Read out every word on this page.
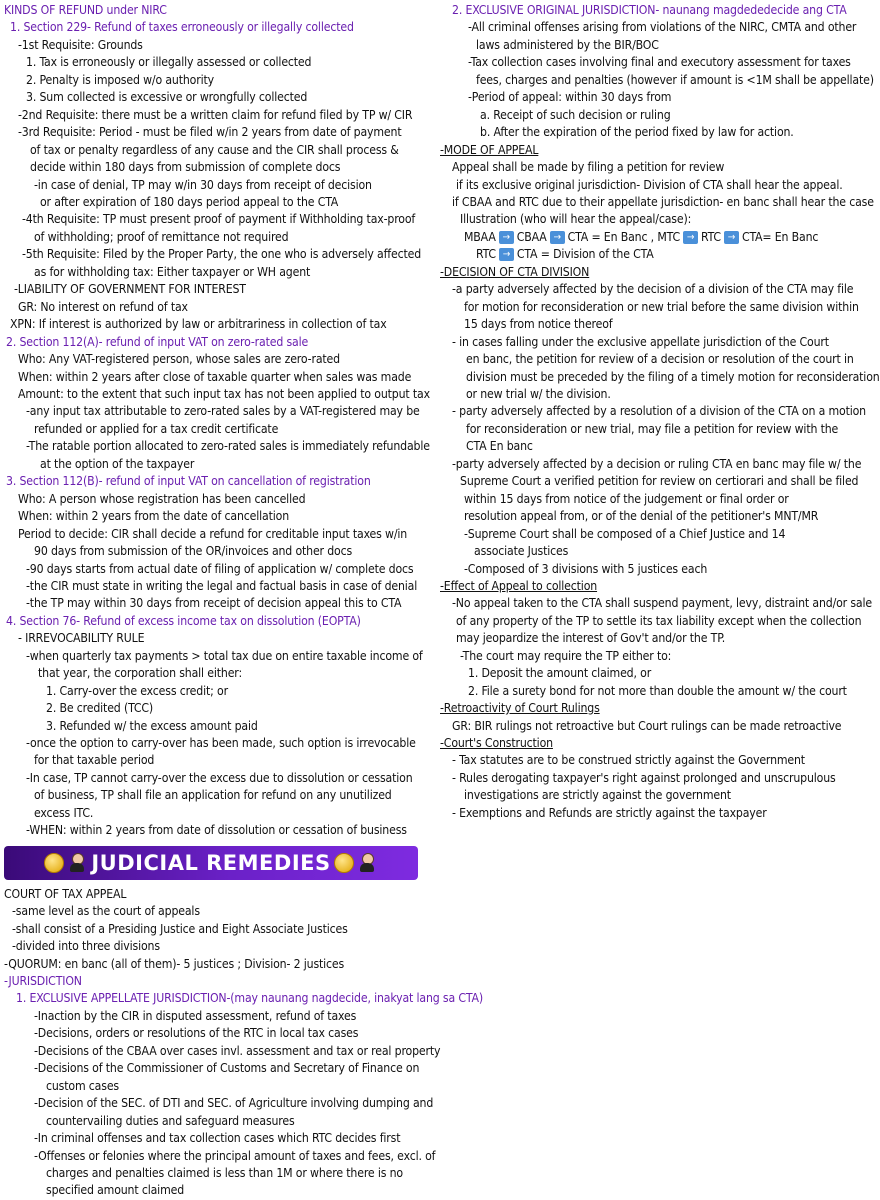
KINDS OF REFUND under NIRC
1. Section 229- Refund of taxes erroneously or illegally collected
-1st Requisite: Grounds
1. Tax is erroneously or illegally assessed or collected
2. Penalty is imposed w/o authority
3. Sum collected is excessive or wrongfully collected
-2nd Requisite: there must be a written claim for refund filed by TP w/ CIR
-3rd Requisite: Period - must be filed w/in 2 years from date of payment
of tax or penalty regardless of any cause and the CIR shall process &
decide within 180 days from submission of complete docs
-in case of denial, TP may w/in 30 days from receipt of decision
or after expiration of 180 days period appeal to the CTA
-4th Requisite: TP must present proof of payment if Withholding tax-proof
of withholding; proof of remittance not required
-5th Requisite: Filed by the Proper Party, the one who is adversely affected
as for withholding tax: Either taxpayer or WH agent
-LIABILITY OF GOVERNMENT FOR INTEREST
GR: No interest on refund of tax
XPN: If interest is authorized by law or arbitrariness in collection of tax
2. Section 112(A)- refund of input VAT on zero-rated sale
Who: Any VAT-registered person, whose sales are zero-rated
When: within 2 years after close of taxable quarter when sales was made
Amount: to the extent that such input tax has not been applied to output tax
-any input tax attributable to zero-rated sales by a VAT-registered may be
refunded or applied for a tax credit certificate
-The ratable portion allocated to zero-rated sales is immediately refundable
at the option of the taxpayer
3. Section 112(B)- refund of input VAT on cancellation of registration
Who: A person whose registration has been cancelled
When: within 2 years from the date of cancellation
Period to decide: CIR shall decide a refund for creditable input taxes w/in
90 days from submission of the OR/invoices and other docs
-90 days starts from actual date of filing of application w/ complete docs
-the CIR must state in writing the legal and factual basis in case of denial
-the TP may within 30 days from receipt of decision appeal this to CTA
4. Section 76- Refund of excess income tax on dissolution (EOPTA)
- IRREVOCABILITY RULE
-when quarterly tax payments > total tax due on entire taxable income of
that year, the corporation shall either:
1. Carry-over the excess credit; or
2. Be credited (TCC)
3. Refunded w/ the excess amount paid
-once the option to carry-over has been made, such option is irrevocable
for that taxable period
-In case, TP cannot carry-over the excess due to dissolution or cessation
of business, TP shall file an application for refund on any unutilized
excess ITC.
-WHEN: within 2 years from date of dissolution or cessation of business
JUDICIAL REMEDIES
COURT OF TAX APPEAL
-same level as the court of appeals
-shall consist of a Presiding Justice and Eight Associate Justices
-divided into three divisions
-QUORUM: en banc (all of them)- 5 justices ; Division- 2 justices
-JURISDICTION
1. EXCLUSIVE APPELLATE JURISDICTION-(may naunang nagdecide, inakyat lang sa CTA)
-Inaction by the CIR in disputed assessment, refund of taxes
-Decisions, orders or resolutions of the RTC in local tax cases
-Decisions of the CBAA over cases invl. assessment and tax or real property
-Decisions of the Commissioner of Customs and Secretary of Finance on
custom cases
-Decision of the SEC. of DTI and SEC. of Agriculture involving dumping and
countervailing duties and safeguard measures
-In criminal offenses and tax collection cases which RTC decides first
-Offenses or felonies where the principal amount of taxes and fees, excl. of
charges and penalties claimed is less than 1M or where there is no
specified amount claimed
2. EXCLUSIVE ORIGINAL JURISDICTION- naunang magdededecide ang CTA
-All criminal offenses arising from violations of the NIRC, CMTA and other
laws administered by the BIR/BOC
-Tax collection cases involving final and executory assessment for taxes
fees, charges and penalties (however if amount is <1M shall be appellate)
-Period of appeal: within 30 days from
a. Receipt of such decision or ruling
b. After the expiration of the period fixed by law for action.
-MODE OF APPEAL
Appeal shall be made by filing a petition for review
if its exclusive original jurisdiction- Division of CTA shall hear the appeal.
if CBAA and RTC due to their appellate jurisdiction- en banc shall hear the case
Illustration (who will hear the appeal/case):
MBAA → CBAA → CTA = En Banc , MTC → RTC → CTA= En Banc
RTC → CTA = Division of the CTA
-DECISION OF CTA DIVISION
-a party adversely affected by the decision of a division of the CTA may file
for motion for reconsideration or new trial before the same division within
15 days from notice thereof
- in cases falling under the exclusive appellate jurisdiction of the Court
en banc, the petition for review of a decision or resolution of the court in
division must be preceded by the filing of a timely motion for reconsideration
or new trial w/ the division.
- party adversely affected by a resolution of a division of the CTA on a motion
for reconsideration or new trial, may file a petition for review with the
CTA En banc
-party adversely affected by a decision or ruling CTA en banc may file w/ the
Supreme Court a verified petition for review on certiorari and shall be filed
within 15 days from notice of the judgement or final order or
resolution appeal from, or of the denial of the petitioner's MNT/MR
-Supreme Court shall be composed of a Chief Justice and 14
associate Justices
-Composed of 3 divisions with 5 justices each
-Effect of Appeal to collection
-No appeal taken to the CTA shall suspend payment, levy, distraint and/or sale
of any property of the TP to settle its tax liability except when the collection
may jeopardize the interest of Gov't and/or the TP.
-The court may require the TP either to:
1. Deposit the amount claimed, or
2. File a surety bond for not more than double the amount w/ the court
-Retroactivity of Court Rulings
GR: BIR rulings not retroactive but Court rulings can be made retroactive
-Court's Construction
- Tax statutes are to be construed strictly against the Government
- Rules derogating taxpayer's right against prolonged and unscrupulous
investigations are strictly against the government
- Exemptions and Refunds are strictly against the taxpayer
